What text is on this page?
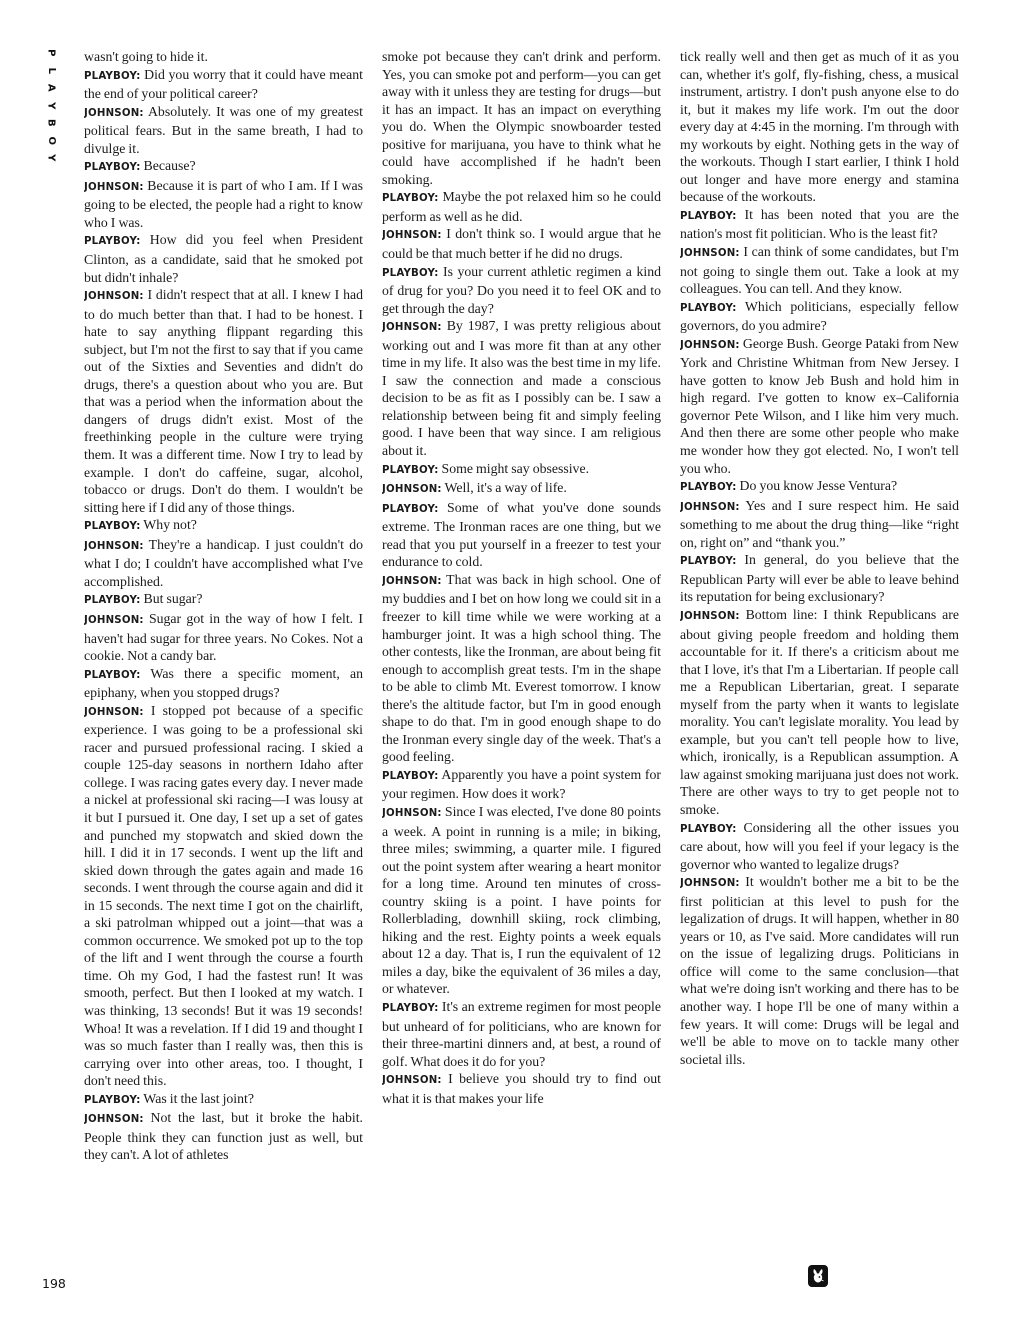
P
L
A
Y
B
O
Y

wasn't going to hide it.

PLAYBOY: Did you worry that it could have meant the end of your political career?

JOHNSON: Absolutely. It was one of my greatest political fears. But in the same breath, I had to divulge it.

PLAYBOY: Because?

JOHNSON: Because it is part of who I am. If I was going to be elected, the people had a right to know who I was.

PLAYBOY: How did you feel when President Clinton, as a candidate, said that he smoked pot but didn't inhale?

JOHNSON: I didn't respect that at all. I knew I had to do much better than that. I had to be honest. I hate to say anything flippant regarding this subject, but I'm not the first to say that if you came out of the Sixties and Seventies and didn't do drugs, there's a question about who you are. But that was a period when the information about the dangers of drugs didn't exist. Most of the freethinking people in the culture were trying them. It was a different time. Now I try to lead by example. I don't do caffeine, sugar, alcohol, tobacco or drugs. Don't do them. I wouldn't be sitting here if I did any of those things.

PLAYBOY: Why not?

JOHNSON: They're a handicap. I just couldn't do what I do; I couldn't have accomplished what I've accomplished.

PLAYBOY: But sugar?

JOHNSON: Sugar got in the way of how I felt. I haven't had sugar for three years. No Cokes. Not a cookie. Not a candy bar.

PLAYBOY: Was there a specific moment, an epiphany, when you stopped drugs?

JOHNSON: I stopped pot because of a specific experience. I was going to be a professional ski racer and pursued professional racing. I skied a couple 125-day seasons in northern Idaho after college. I was racing gates every day. I never made a nickel at professional ski racing—I was lousy at it but I pursued it. One day, I set up a set of gates and punched my stopwatch and skied down the hill. I did it in 17 seconds. I went up the lift and skied down through the gates again and made 16 seconds. I went through the course again and did it in 15 seconds. The next time I got on the chairlift, a ski patrolman whipped out a joint—that was a common occurrence. We smoked pot up to the top of the lift and I went through the course a fourth time. Oh my God, I had the fastest run! It was smooth, perfect. But then I looked at my watch. I was thinking, 13 seconds! But it was 19 seconds! Whoa! It was a revelation. If I did 19 and thought I was so much faster than I really was, then this is carrying over into other areas, too. I thought, I don't need this.

PLAYBOY: Was it the last joint?

JOHNSON: Not the last, but it broke the habit. People think they can function just as well, but they can't. A lot of athletes

smoke pot because they can't drink and perform. Yes, you can smoke pot and perform—you can get away with it unless they are testing for drugs—but it has an impact. It has an impact on everything you do. When the Olympic snowboarder tested positive for marijuana, you have to think what he could have accomplished if he hadn't been smoking.

PLAYBOY: Maybe the pot relaxed him so he could perform as well as he did.

JOHNSON: I don't think so. I would argue that he could be that much better if he did no drugs.

PLAYBOY: Is your current athletic regimen a kind of drug for you? Do you need it to feel OK and to get through the day?

JOHNSON: By 1987, I was pretty religious about working out and I was more fit than at any other time in my life. It also was the best time in my life. I saw the connection and made a conscious decision to be as fit as I possibly can be. I saw a relationship between being fit and simply feeling good. I have been that way since. I am religious about it.

PLAYBOY: Some might say obsessive.

JOHNSON: Well, it's a way of life.

PLAYBOY: Some of what you've done sounds extreme. The Ironman races are one thing, but we read that you put yourself in a freezer to test your endurance to cold.

JOHNSON: That was back in high school. One of my buddies and I bet on how long we could sit in a freezer to kill time while we were working at a hamburger joint. It was a high school thing. The other contests, like the Ironman, are about being fit enough to accomplish great tests. I'm in the shape to be able to climb Mt. Everest tomorrow. I know there's the altitude factor, but I'm in good enough shape to do that. I'm in good enough shape to do the Ironman every single day of the week. That's a good feeling.

PLAYBOY: Apparently you have a point system for your regimen. How does it work?

JOHNSON: Since I was elected, I've done 80 points a week. A point in running is a mile; in biking, three miles; swimming, a quarter mile. I figured out the point system after wearing a heart monitor for a long time. Around ten minutes of cross-country skiing is a point. I have points for Rollerblading, downhill skiing, rock climbing, hiking and the rest. Eighty points a week equals about 12 a day. That is, I run the equivalent of 12 miles a day, bike the equivalent of 36 miles a day, or whatever.

PLAYBOY: It's an extreme regimen for most people but unheard of for politicians, who are known for their three-martini dinners and, at best, a round of golf. What does it do for you?

JOHNSON: I believe you should try to find out what it is that makes your life

tick really well and then get as much of it as you can, whether it's golf, fly-fishing, chess, a musical instrument, artistry. I don't push anyone else to do it, but it makes my life work. I'm out the door every day at 4:45 in the morning. I'm through with my workouts by eight. Nothing gets in the way of the workouts. Though I start earlier, I think I hold out longer and have more energy and stamina because of the workouts.

PLAYBOY: It has been noted that you are the nation's most fit politician. Who is the least fit?

JOHNSON: I can think of some candidates, but I'm not going to single them out. Take a look at my colleagues. You can tell. And they know.

PLAYBOY: Which politicians, especially fellow governors, do you admire?

JOHNSON: George Bush. George Pataki from New York and Christine Whitman from New Jersey. I have gotten to know Jeb Bush and hold him in high regard. I've gotten to know ex–California governor Pete Wilson, and I like him very much. And then there are some other people who make me wonder how they got elected. No, I won't tell you who.

PLAYBOY: Do you know Jesse Ventura?

JOHNSON: Yes and I sure respect him. He said something to me about the drug thing—like “right on, right on” and “thank you.”

PLAYBOY: In general, do you believe that the Republican Party will ever be able to leave behind its reputation for being exclusionary?

JOHNSON: Bottom line: I think Republicans are about giving people freedom and holding them accountable for it. If there's a criticism about me that I love, it's that I'm a Libertarian. If people call me a Republican Libertarian, great. I separate myself from the party when it wants to legislate morality. You can't legislate morality. You lead by example, but you can't tell people how to live, which, ironically, is a Republican assumption. A law against smoking marijuana just does not work. There are other ways to try to get people not to smoke.

PLAYBOY: Considering all the other issues you care about, how will you feel if your legacy is the governor who wanted to legalize drugs?

JOHNSON: It wouldn't bother me a bit to be the first politician at this level to push for the legalization of drugs. It will happen, whether in 80 years or 10, as I've said. More candidates will run on the issue of legalizing drugs. Politicians in office will come to the same conclusion—that what we're doing isn't working and there has to be another way. I hope I'll be one of many within a few years. It will come: Drugs will be legal and we'll be able to move on to tackle many other societal ills.

198
